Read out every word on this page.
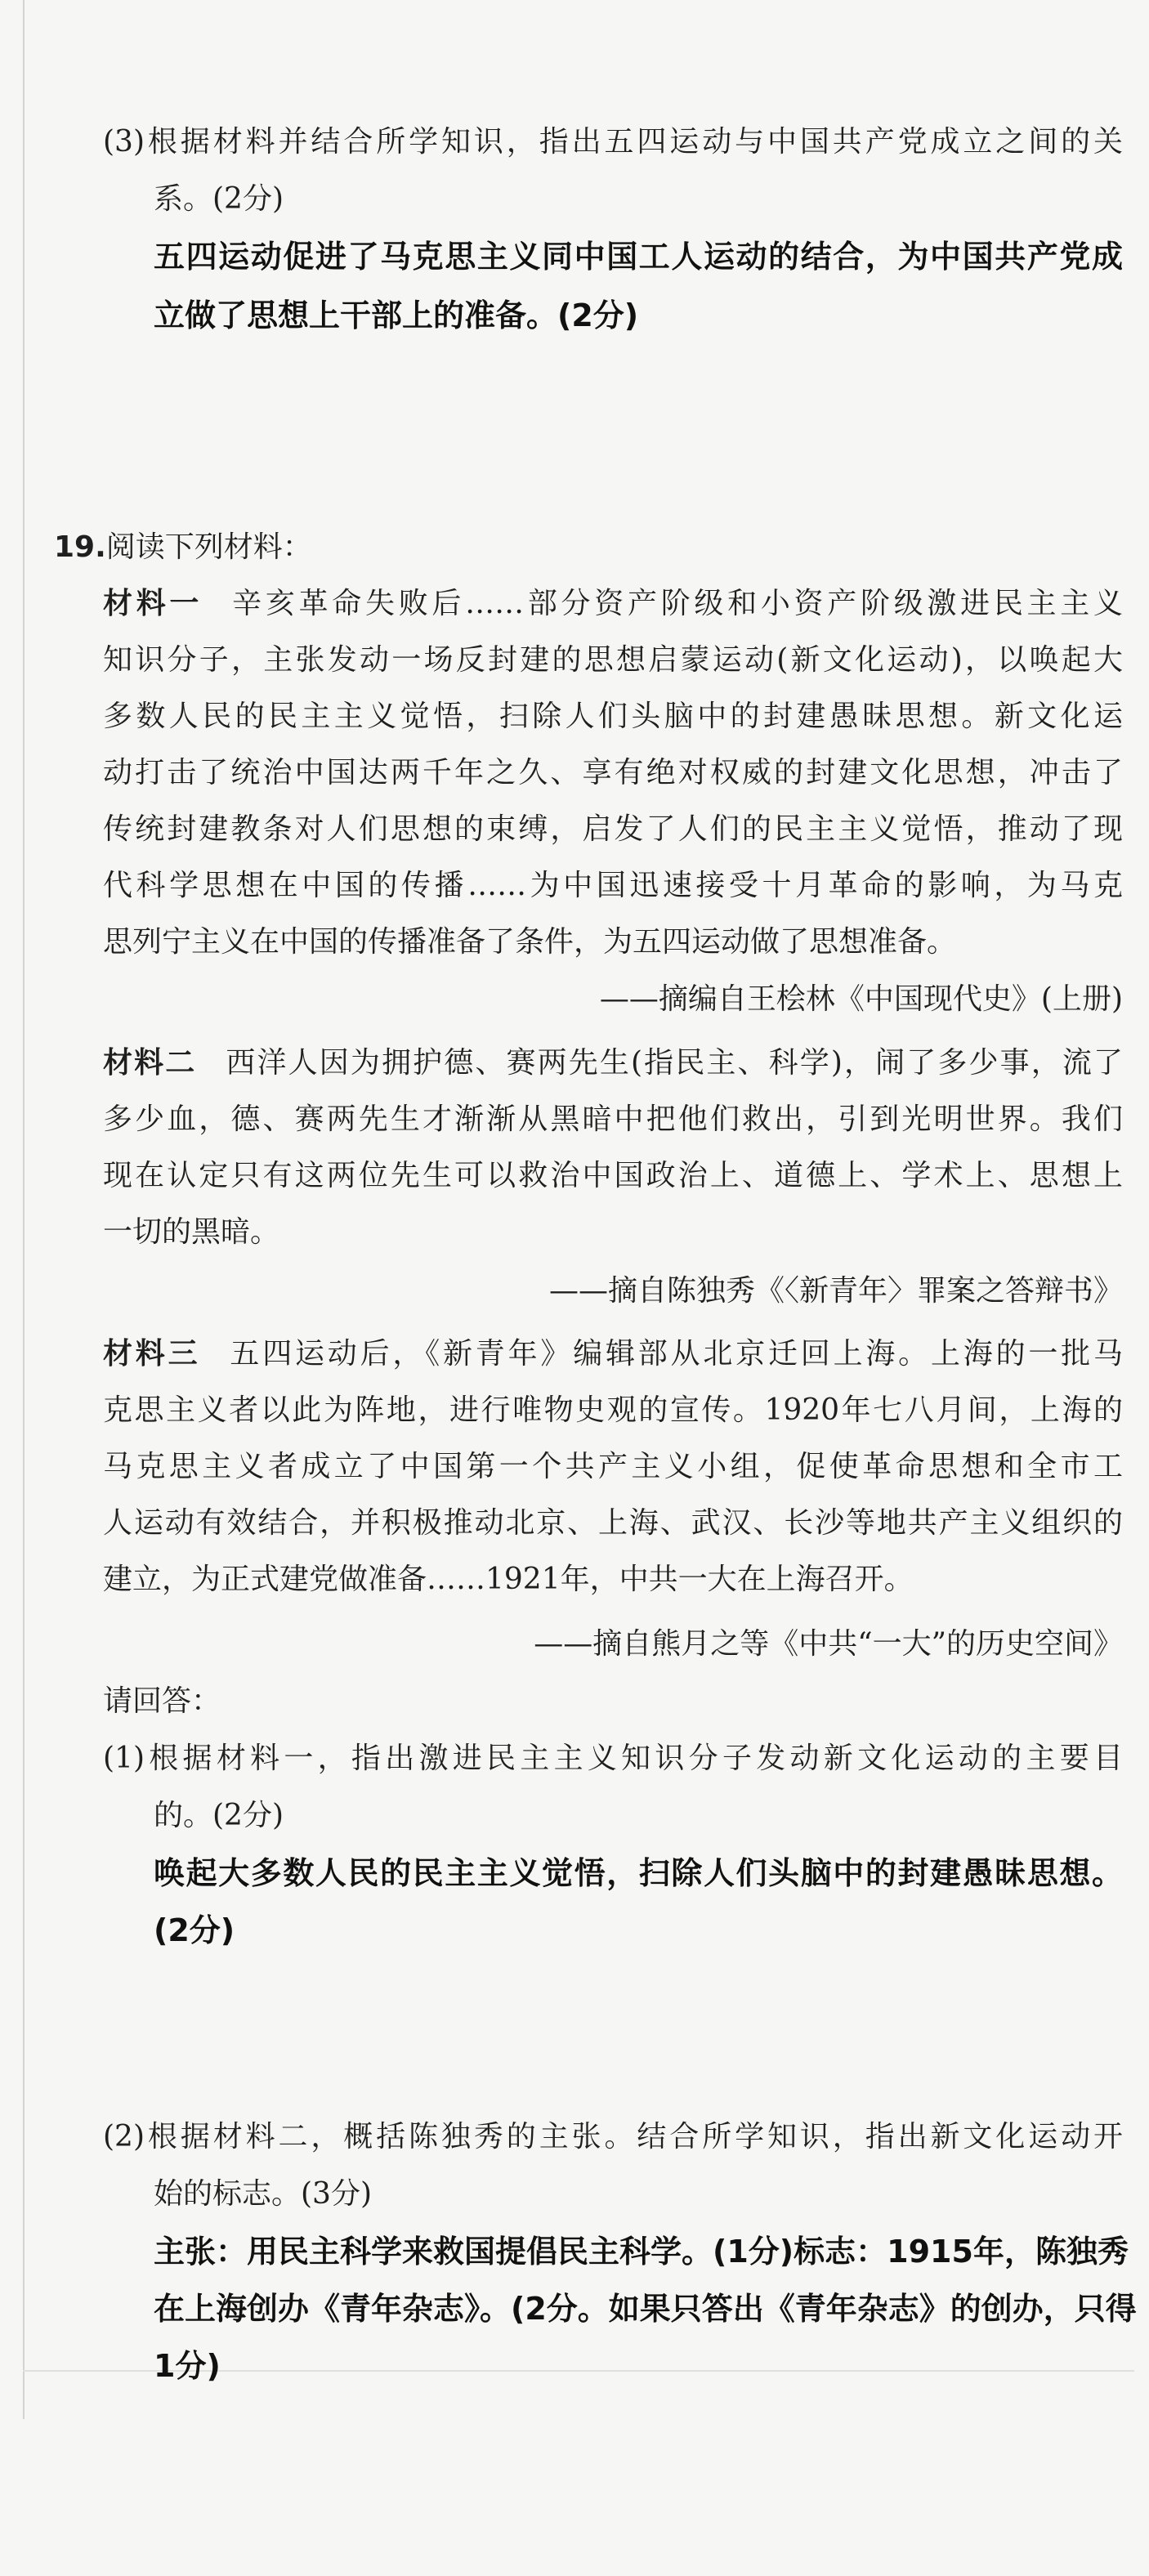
(3)根据材料并结合所学知识，指出五四运动与中国共产党成立之间的关
系。(2分)
五四运动促进了马克思主义同中国工人运动的结合，为中国共产党成
立做了思想上干部上的准备。(2分)
19.阅读下列材料：
材料一 辛亥革命失败后……部分资产阶级和小资产阶级激进民主主义
知识分子，主张发动一场反封建的思想启蒙运动(新文化运动)，以唤起大
多数人民的民主主义觉悟，扫除人们头脑中的封建愚昧思想。新文化运
动打击了统治中国达两千年之久、享有绝对权威的封建文化思想，冲击了
传统封建教条对人们思想的束缚，启发了人们的民主主义觉悟，推动了现
代科学思想在中国的传播……为中国迅速接受十月革命的影响，为马克
思列宁主义在中国的传播准备了条件，为五四运动做了思想准备。
——摘编自王桧林《中国现代史》(上册)
材料二 西洋人因为拥护德、赛两先生(指民主、科学)，闹了多少事，流了
多少血，德、赛两先生才渐渐从黑暗中把他们救出，引到光明世界。我们
现在认定只有这两位先生可以救治中国政治上、道德上、学术上、思想上
一切的黑暗。
——摘自陈独秀《〈新青年〉罪案之答辩书》
材料三 五四运动后，《新青年》编辑部从北京迁回上海。上海的一批马
克思主义者以此为阵地，进行唯物史观的宣传。1920年七八月间，上海的
马克思主义者成立了中国第一个共产主义小组，促使革命思想和全市工
人运动有效结合，并积极推动北京、上海、武汉、长沙等地共产主义组织的
建立，为正式建党做准备……1921年，中共一大在上海召开。
——摘自熊月之等《中共“一大”的历史空间》
请回答：
(1)根据材料一，指出激进民主主义知识分子发动新文化运动的主要目
的。(2分)
唤起大多数人民的民主主义觉悟，扫除人们头脑中的封建愚昧思想。
(2分)
(2)根据材料二，概括陈独秀的主张。结合所学知识，指出新文化运动开
始的标志。(3分)
主张：用民主科学来救国提倡民主科学。(1分)标志：1915年，陈独秀
在上海创办《青年杂志》。(2分。如果只答出《青年杂志》的创办，只得
1分)
